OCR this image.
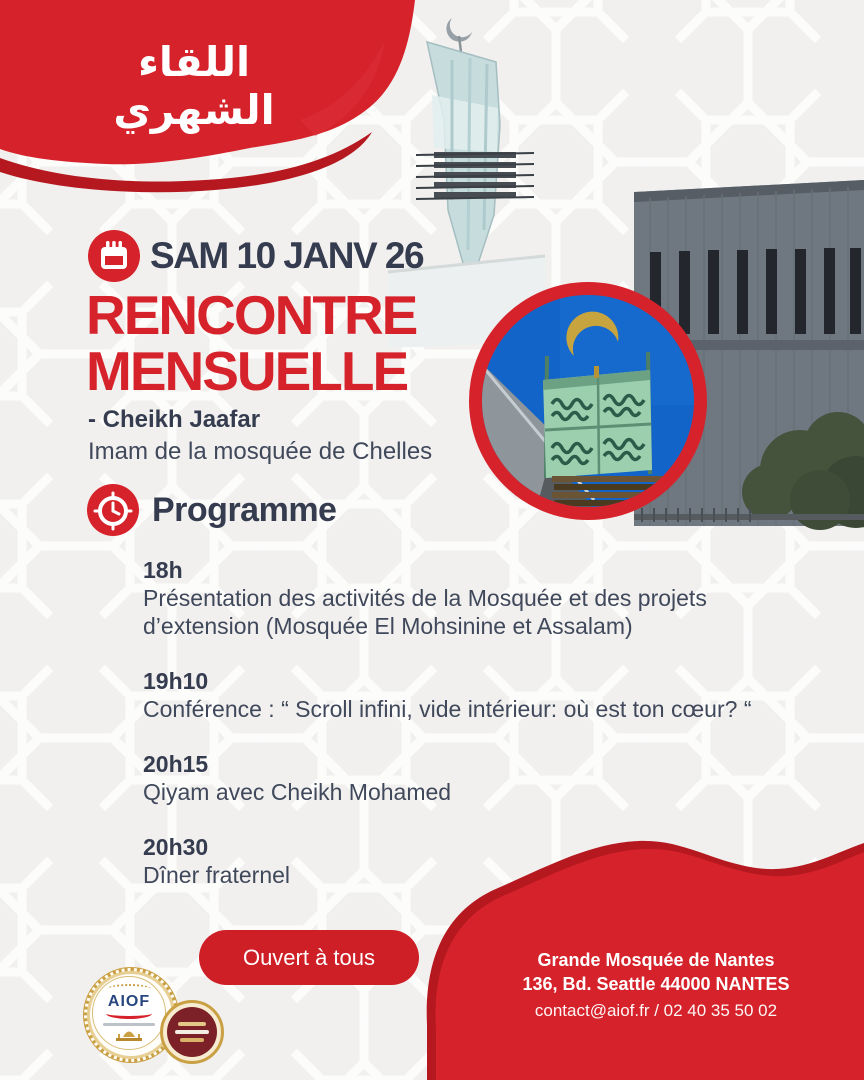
اللقاء الشهري
SAM 10 JANV 26
RENCONTRE
MENSUELLE
- Cheikh Jaafar
Imam de la mosquée de Chelles
Programme
18h
Présentation des activités de la Mosquée et des projets d’extension (Mosquée El Mohsinine et Assalam)
19h10
Conférence : “ Scroll infini, vide intérieur: où est ton cœur? “
20h15
Qiyam avec Cheikh Mohamed
20h30
Dîner fraternel
Ouvert à tous	Grande Mosquée de Nantes
136, Bd. Seattle 44000 NANTES
contact@aiof.fr / 02 40 35 50 02
AIOF
